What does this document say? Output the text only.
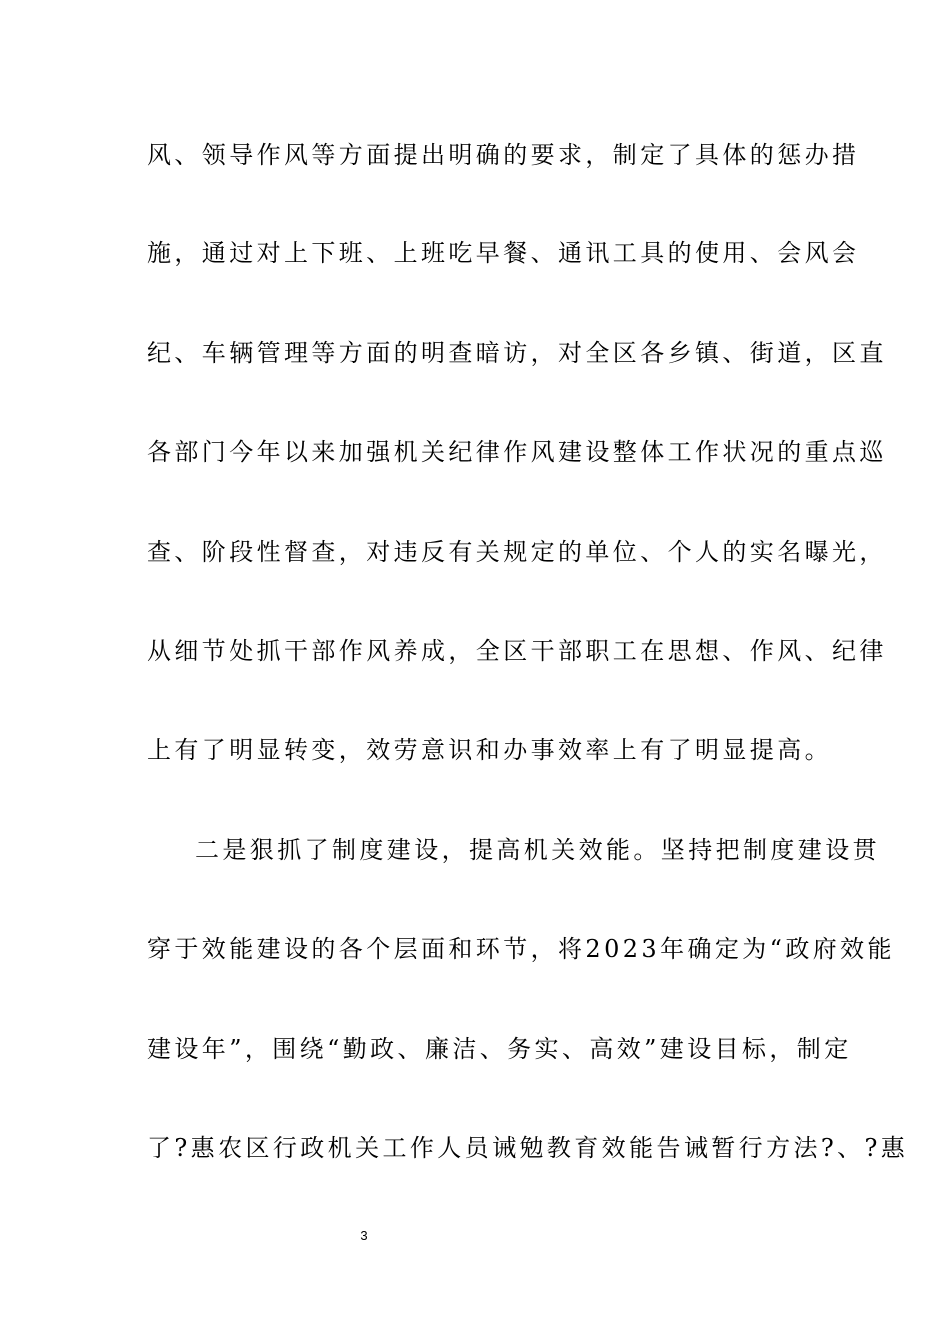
风、领导作风等方面提出明确的要求，制定了具体的惩办措
施，通过对上下班、上班吃早餐、通讯工具的使用、会风会
纪、车辆管理等方面的明查暗访，对全区各乡镇、街道，区直
各部门今年以来加强机关纪律作风建设整体工作状况的重点巡
查、阶段性督查，对违反有关规定的单位、个人的实名曝光，
从细节处抓干部作风养成，全区干部职工在思想、作风、纪律
上有了明显转变，效劳意识和办事效率上有了明显提高。
二是狠抓了制度建设，提高机关效能。坚持把制度建设贯
穿于效能建设的各个层面和环节，将2023年确定为“政府效能
建设年”，围绕“勤政、廉洁、务实、高效”建设目标，制定
了?惠农区行政机关工作人员诫勉教育效能告诫暂行方法?、?惠
3
